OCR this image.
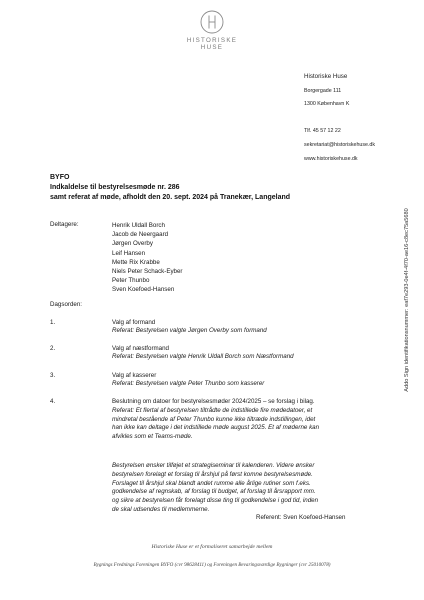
HISTORISKE
HUSE
Historiske Huse
Borgergade 111
1300 København K
Tlf. 45 57 12 22
sekretariat@historiskehuse.dk
www.historiskehuse.dk
Addo Sign identifikationsnummer: eaf7e293-0e4f-4f70-ae16-c8ec75a5680
BYFO
Indkaldelse til bestyrelsesmøde nr. 286
samt referat af møde, afholdt den 20. sept. 2024 på Tranekær, Langeland
Deltagere:	Henrik Uldall Borch
Jacob de Neergaard
Jørgen Overby
Leif Hansen
Mette Rix Krabbe
Niels Peter Schack-Eyber
Peter Thunbo
Sven Koefoed-Hansen
Dagsorden:
1.	Valg af formand
Referat: Bestyrelsen valgte Jørgen Overby som formand
2.	Valg af næstformand
Referat: Bestyrelsen valgte Henrik Uldall Borch som Næstformand
3.	Valg af kasserer
Referat: Bestyrelsen valgte Peter Thunbo som kasserer
4.	Beslutning om datoer for bestyrelsesmøder 2024/2025 – se forslag i bilag.
Referat: Et flertal af bestyrelsen tiltrådte de indstillede fire mødedatoer, et
mindretal bestående af Peter Thunbo kunne ikke tiltræde indstillingen, idet
han ikke kan deltage i det indstillede møde august 2025. Et af møderne kan
afvikles som et Teams-møde.
Bestyrelsen ønsker tilføjet et strategiseminar til kalenderen. Videre ønsker
bestyrelsen forelagt et forslag til årshjul på først komne bestyrelsesmøde.
Forslaget til årshjul skal blandt andet rumme alle årlige rutiner som f.eks.
godkendelse af regnskab, af forslag til budget, af forslag til årsrapport mm.
og sikre at bestyrelsen får forelagt disse ting til godkendelse i god tid, inden
de skal udsendes til medlemmerne.
Referent: Sven Koefoed-Hansen
Historiske Huse er et formaliseret samarbejde mellem
Bygnings Frednings Foreningen BYFO (cvr 98628411) og Foreningen Bevaringsværdige Bygninger (cvr 25010078)
